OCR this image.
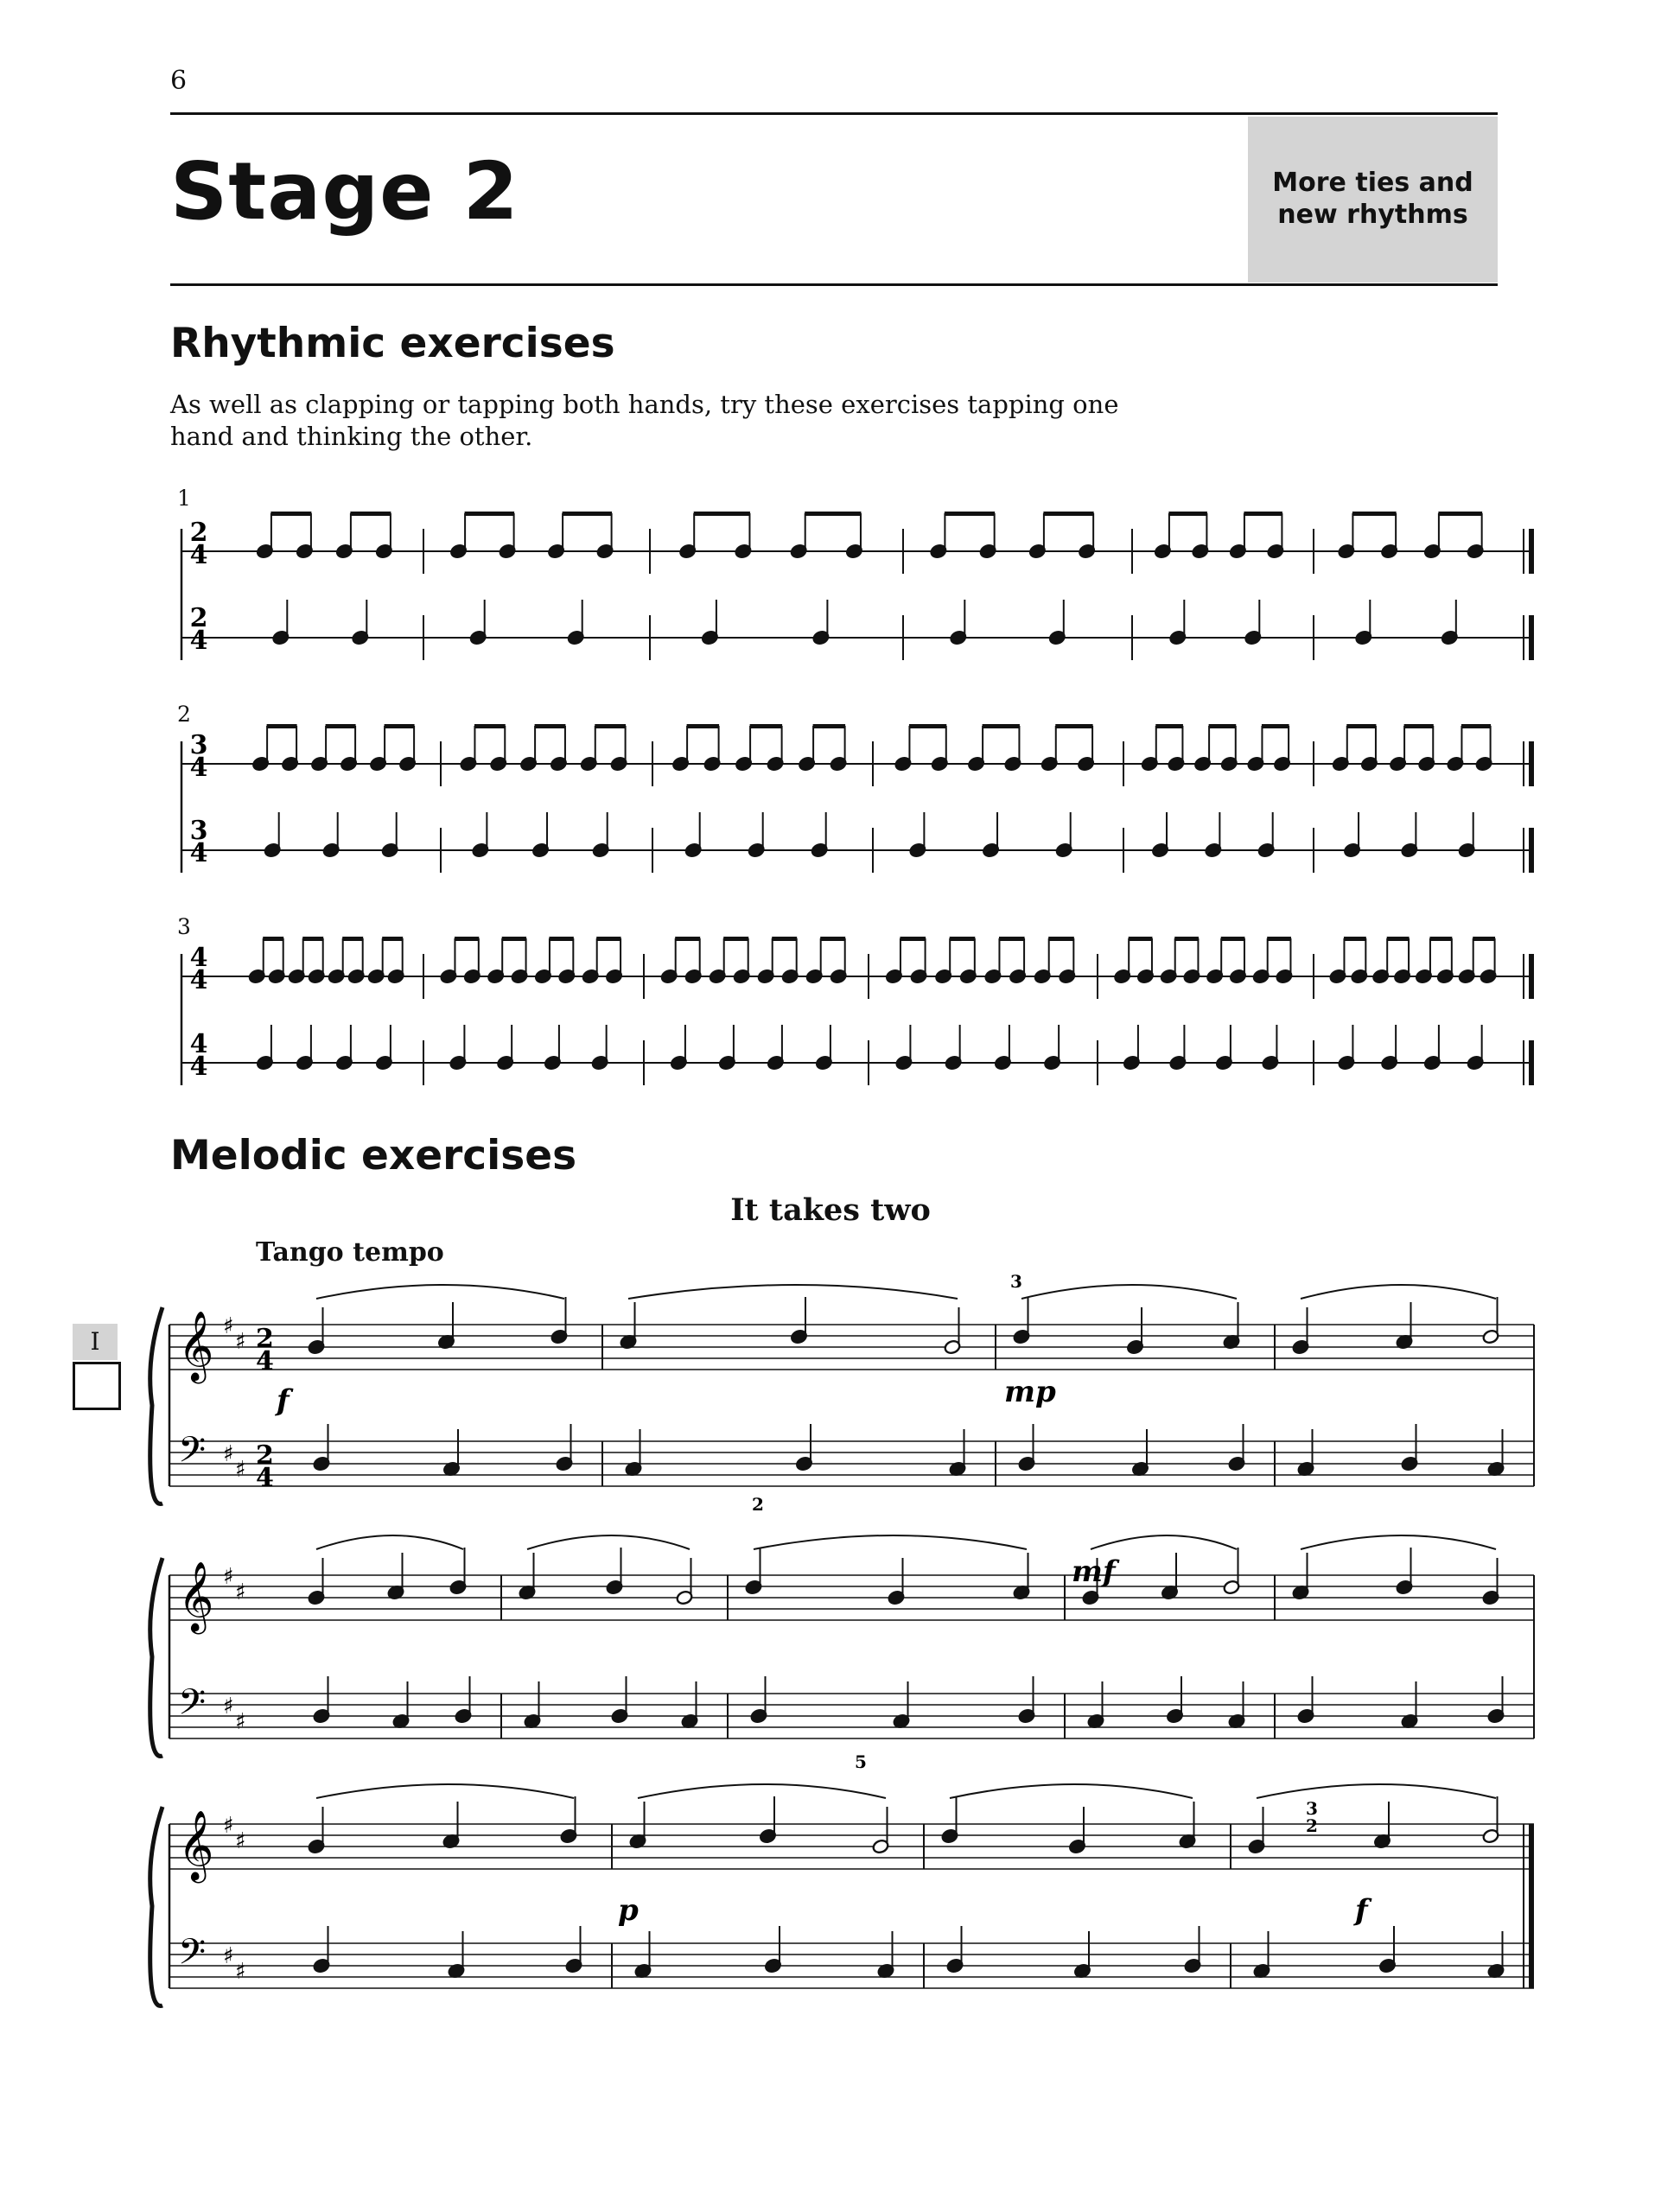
6
Stage 2	More ties and
new rhythms
Rhythmic exercises
As well as clapping or tapping both hands, try these exercises tapping one hand and thinking the other.
1
2
3
Melodic exercises
It takes two
Tango tempo
I 𝄞 ♯
♯ 2
4
𝄢 ♯
♯ 2
4
𝄞 ♯
♯
𝄢 ♯
♯
𝄞 ♯
♯
𝄢 ♯
♯
2
4
2
4
3
4
3
4
4
4
4
4
f	mp
mf
p	f
3
2
5
3
2
